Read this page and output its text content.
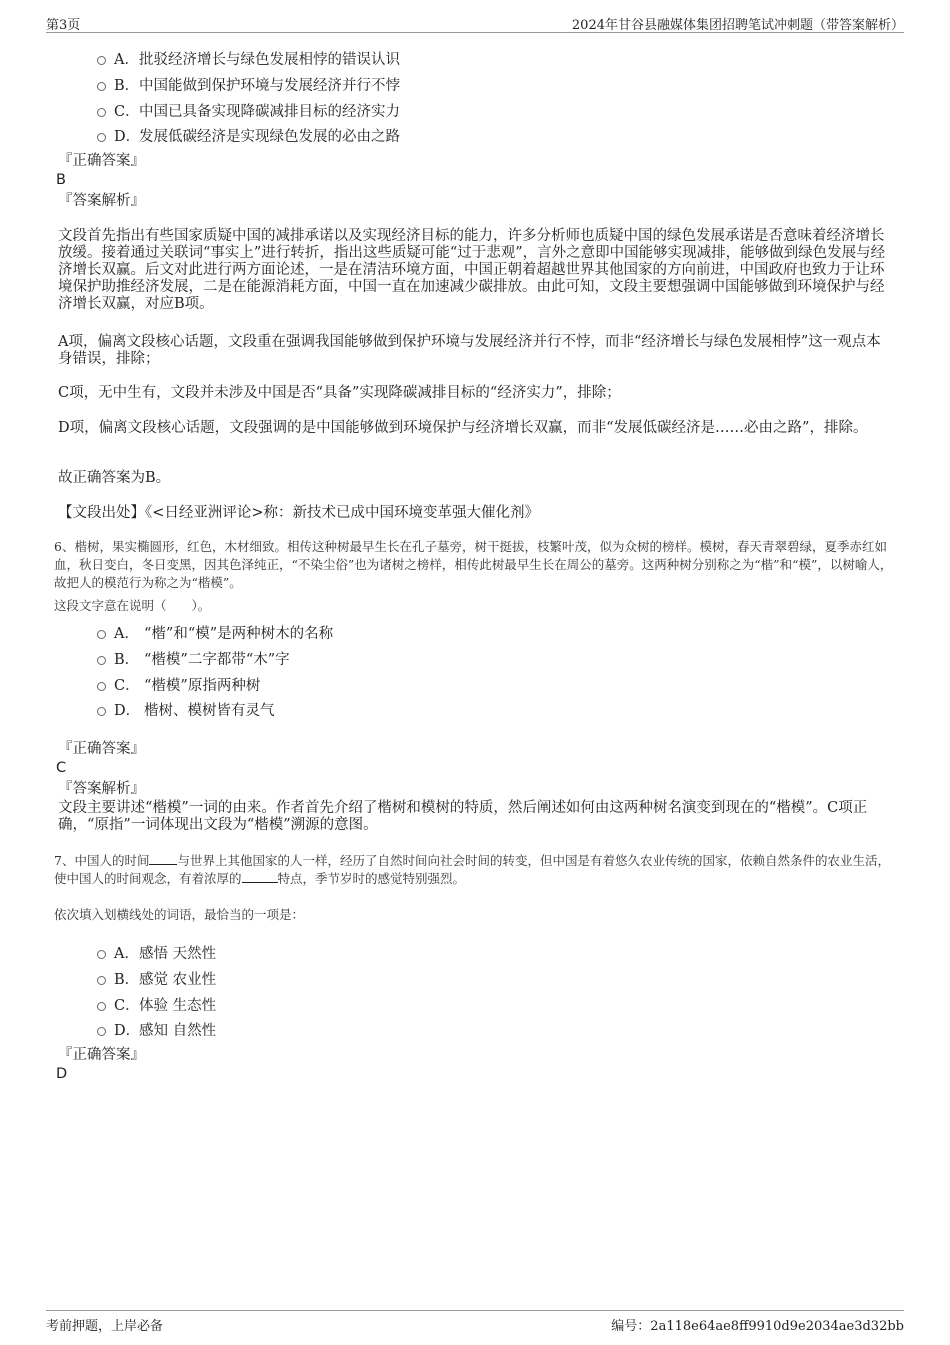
第3页	2024年甘谷县融媒体集团招聘笔试冲刺题（带答案解析）
A．批驳经济增长与绿色发展相悖的错误认识
B．中国能做到保护环境与发展经济并行不悖
C．中国已具备实现降碳减排目标的经济实力
D．发展低碳经济是实现绿色发展的必由之路
『正确答案』
B
『答案解析』
文段首先指出有些国家质疑中国的减排承诺以及实现经济目标的能力，许多分析师也质疑中国的绿色发展承诺是否意味着经济增长放缓。接着通过关联词“事实上”进行转折，指出这些质疑可能“过于悲观”，言外之意即中国能够实现减排，能够做到绿色发展与经济增长双赢。后文对此进行两方面论述，一是在清洁环境方面，中国正朝着超越世界其他国家的方向前进，中国政府也致力于让环境保护助推经济发展，二是在能源消耗方面，中国一直在加速减少碳排放。由此可知，文段主要想强调中国能够做到环境保护与经济增长双赢，对应B项。
A项，偏离文段核心话题，文段重在强调我国能够做到保护环境与发展经济并行不悖，而非“经济增长与绿色发展相悖”这一观点本身错误，排除；
C项，无中生有，文段并未涉及中国是否“具备”实现降碳减排目标的“经济实力”，排除；
D项，偏离文段核心话题，文段强调的是中国能够做到环境保护与经济增长双赢，而非“发展低碳经济是……必由之路”，排除。
故正确答案为B。
【文段出处】《<日经亚洲评论>称：新技术已成中国环境变革强大催化剂》
6、楷树，果实椭圆形，红色，木材细致。相传这种树最早生长在孔子墓旁，树干挺拔，枝繁叶茂，似为众树的榜样。模树，春天青翠碧绿，夏季赤红如血，秋日变白，冬日变黑，因其色泽纯正，“不染尘俗”也为诸树之榜样，相传此树最早生长在周公的墓旁。这两种树分别称之为“楷”和“模”，以树喻人，故把人的模范行为称之为“楷模”。
这段文字意在说明（　　）。
A． “楷”和“模”是两种树木的名称
B． “楷模”二字都带“木”字
C． “楷模”原指两种树
D． 楷树、模树皆有灵气
『正确答案』
C
『答案解析』
文段主要讲述“楷模”一词的由来。作者首先介绍了楷树和模树的特质，然后阐述如何由这两种树名演变到现在的“楷模”。C项正确，“原指”一词体现出文段为“楷模”溯源的意图。
7、中国人的时间 与世界上其他国家的人一样，经历了自然时间向社会时间的转变，但中国是有着悠久农业传统的国家，依赖自然条件的农业生活，使中国人的时间观念，有着浓厚的	特点，季节岁时的感觉特别强烈。
依次填入划横线处的词语，最恰当的一项是：
A．感悟 天然性
B．感觉 农业性
C．体验 生态性
D．感知 自然性
『正确答案』
D
考前押题，上岸必备	编号：2a118e64ae8ff9910d9e2034ae3d32bb
